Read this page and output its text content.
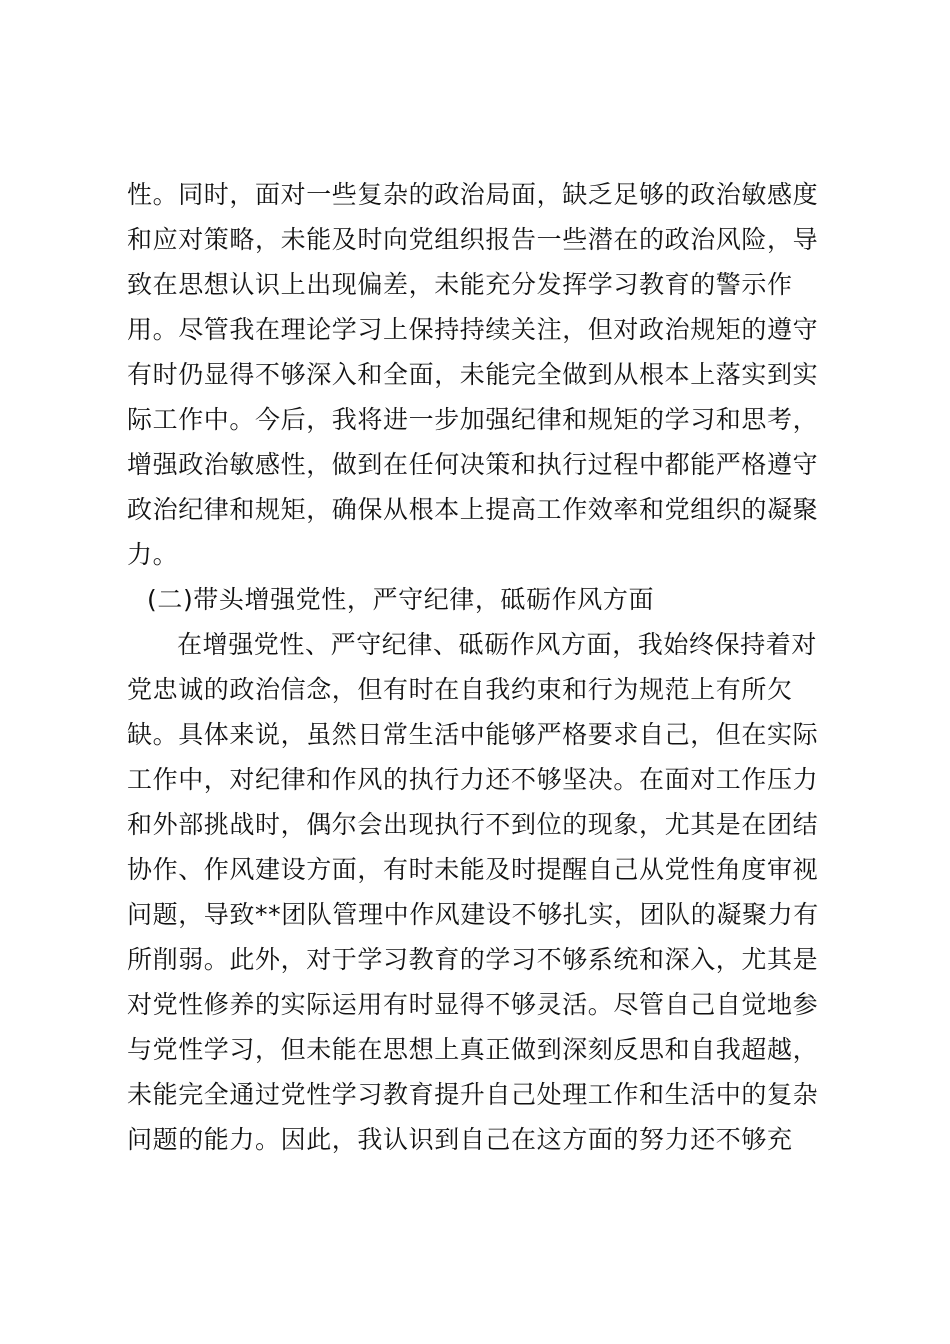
性。同时，面对一些复杂的政治局面，缺乏足够的政治敏感度
和应对策略，未能及时向党组织报告一些潜在的政治风险，导
致在思想认识上出现偏差，未能充分发挥学习教育的警示作
用。尽管我在理论学习上保持持续关注，但对政治规矩的遵守
有时仍显得不够深入和全面，未能完全做到从根本上落实到实
际工作中。今后，我将进一步加强纪律和规矩的学习和思考，
增强政治敏感性，做到在任何决策和执行过程中都能严格遵守
政治纪律和规矩，确保从根本上提高工作效率和党组织的凝聚
力。
(二)带头增强党性，严守纪律，砥砺作风方面
在增强党性、严守纪律、砥砺作风方面，我始终保持着对
党忠诚的政治信念，但有时在自我约束和行为规范上有所欠
缺。具体来说，虽然日常生活中能够严格要求自己，但在实际
工作中，对纪律和作风的执行力还不够坚决。在面对工作压力
和外部挑战时，偶尔会出现执行不到位的现象，尤其是在团结
协作、作风建设方面，有时未能及时提醒自己从党性角度审视
问题，导致**团队管理中作风建设不够扎实，团队的凝聚力有
所削弱。此外，对于学习教育的学习不够系统和深入，尤其是
对党性修养的实际运用有时显得不够灵活。尽管自己自觉地参
与党性学习，但未能在思想上真正做到深刻反思和自我超越，
未能完全通过党性学习教育提升自己处理工作和生活中的复杂
问题的能力。因此，我认识到自己在这方面的努力还不够充
